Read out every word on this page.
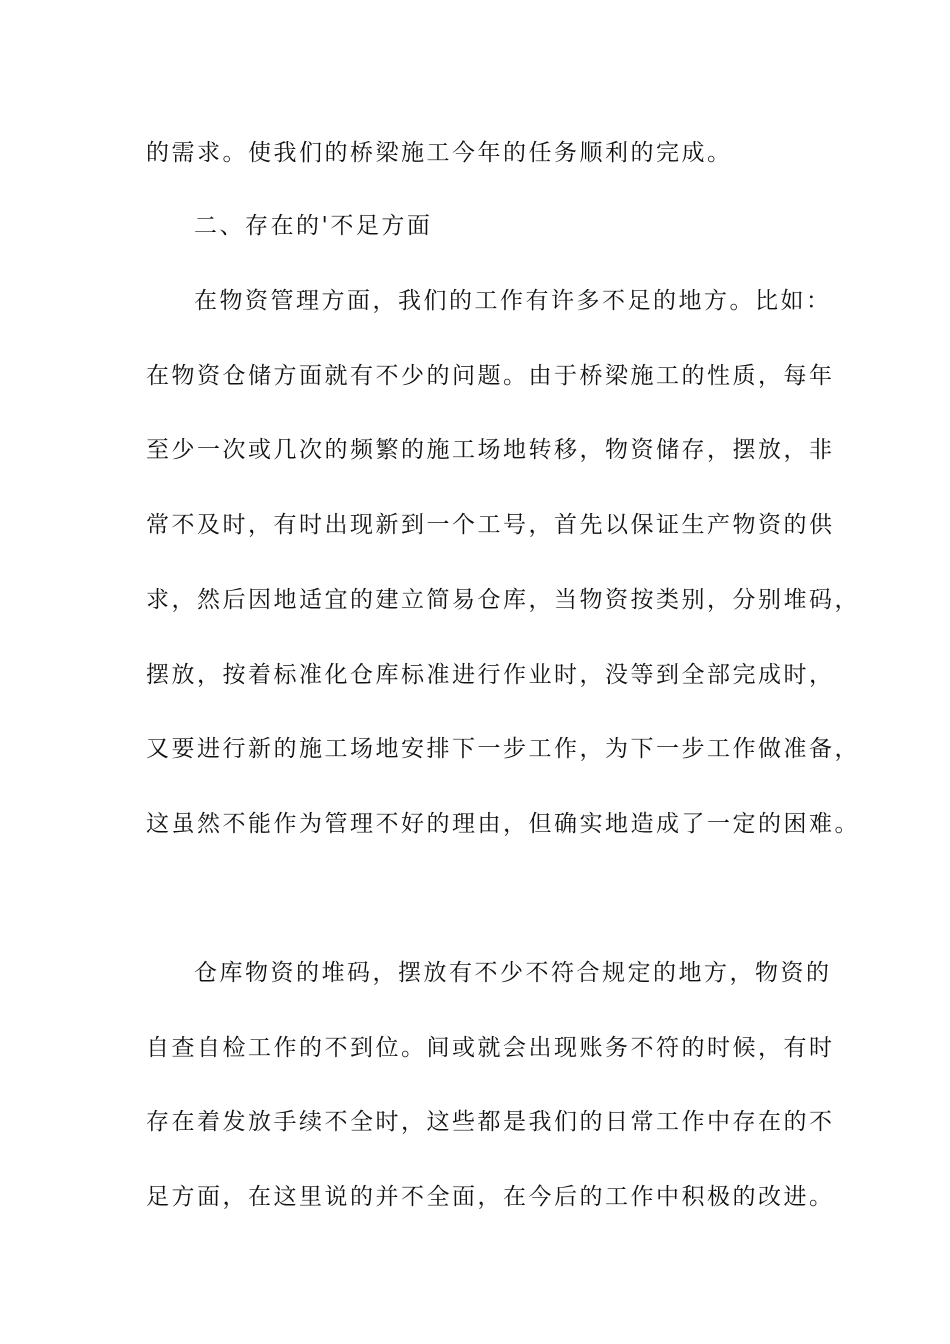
的需求。使我们的桥梁施工今年的任务顺利的完成。
二、存在的'不足方面
在物资管理方面，我们的工作有许多不足的地方。比如：
在物资仓储方面就有不少的问题。由于桥梁施工的性质，每年
至少一次或几次的频繁的施工场地转移，物资储存，摆放，非
常不及时，有时出现新到一个工号，首先以保证生产物资的供
求，然后因地适宜的建立简易仓库，当物资按类别，分别堆码，
摆放，按着标准化仓库标准进行作业时，没等到全部完成时，
又要进行新的施工场地安排下一步工作，为下一步工作做准备，
这虽然不能作为管理不好的理由，但确实地造成了一定的困难。
仓库物资的堆码，摆放有不少不符合规定的地方，物资的
自查自检工作的不到位。间或就会出现账务不符的时候，有时
存在着发放手续不全时，这些都是我们的日常工作中存在的不
足方面，在这里说的并不全面，在今后的工作中积极的改进。
